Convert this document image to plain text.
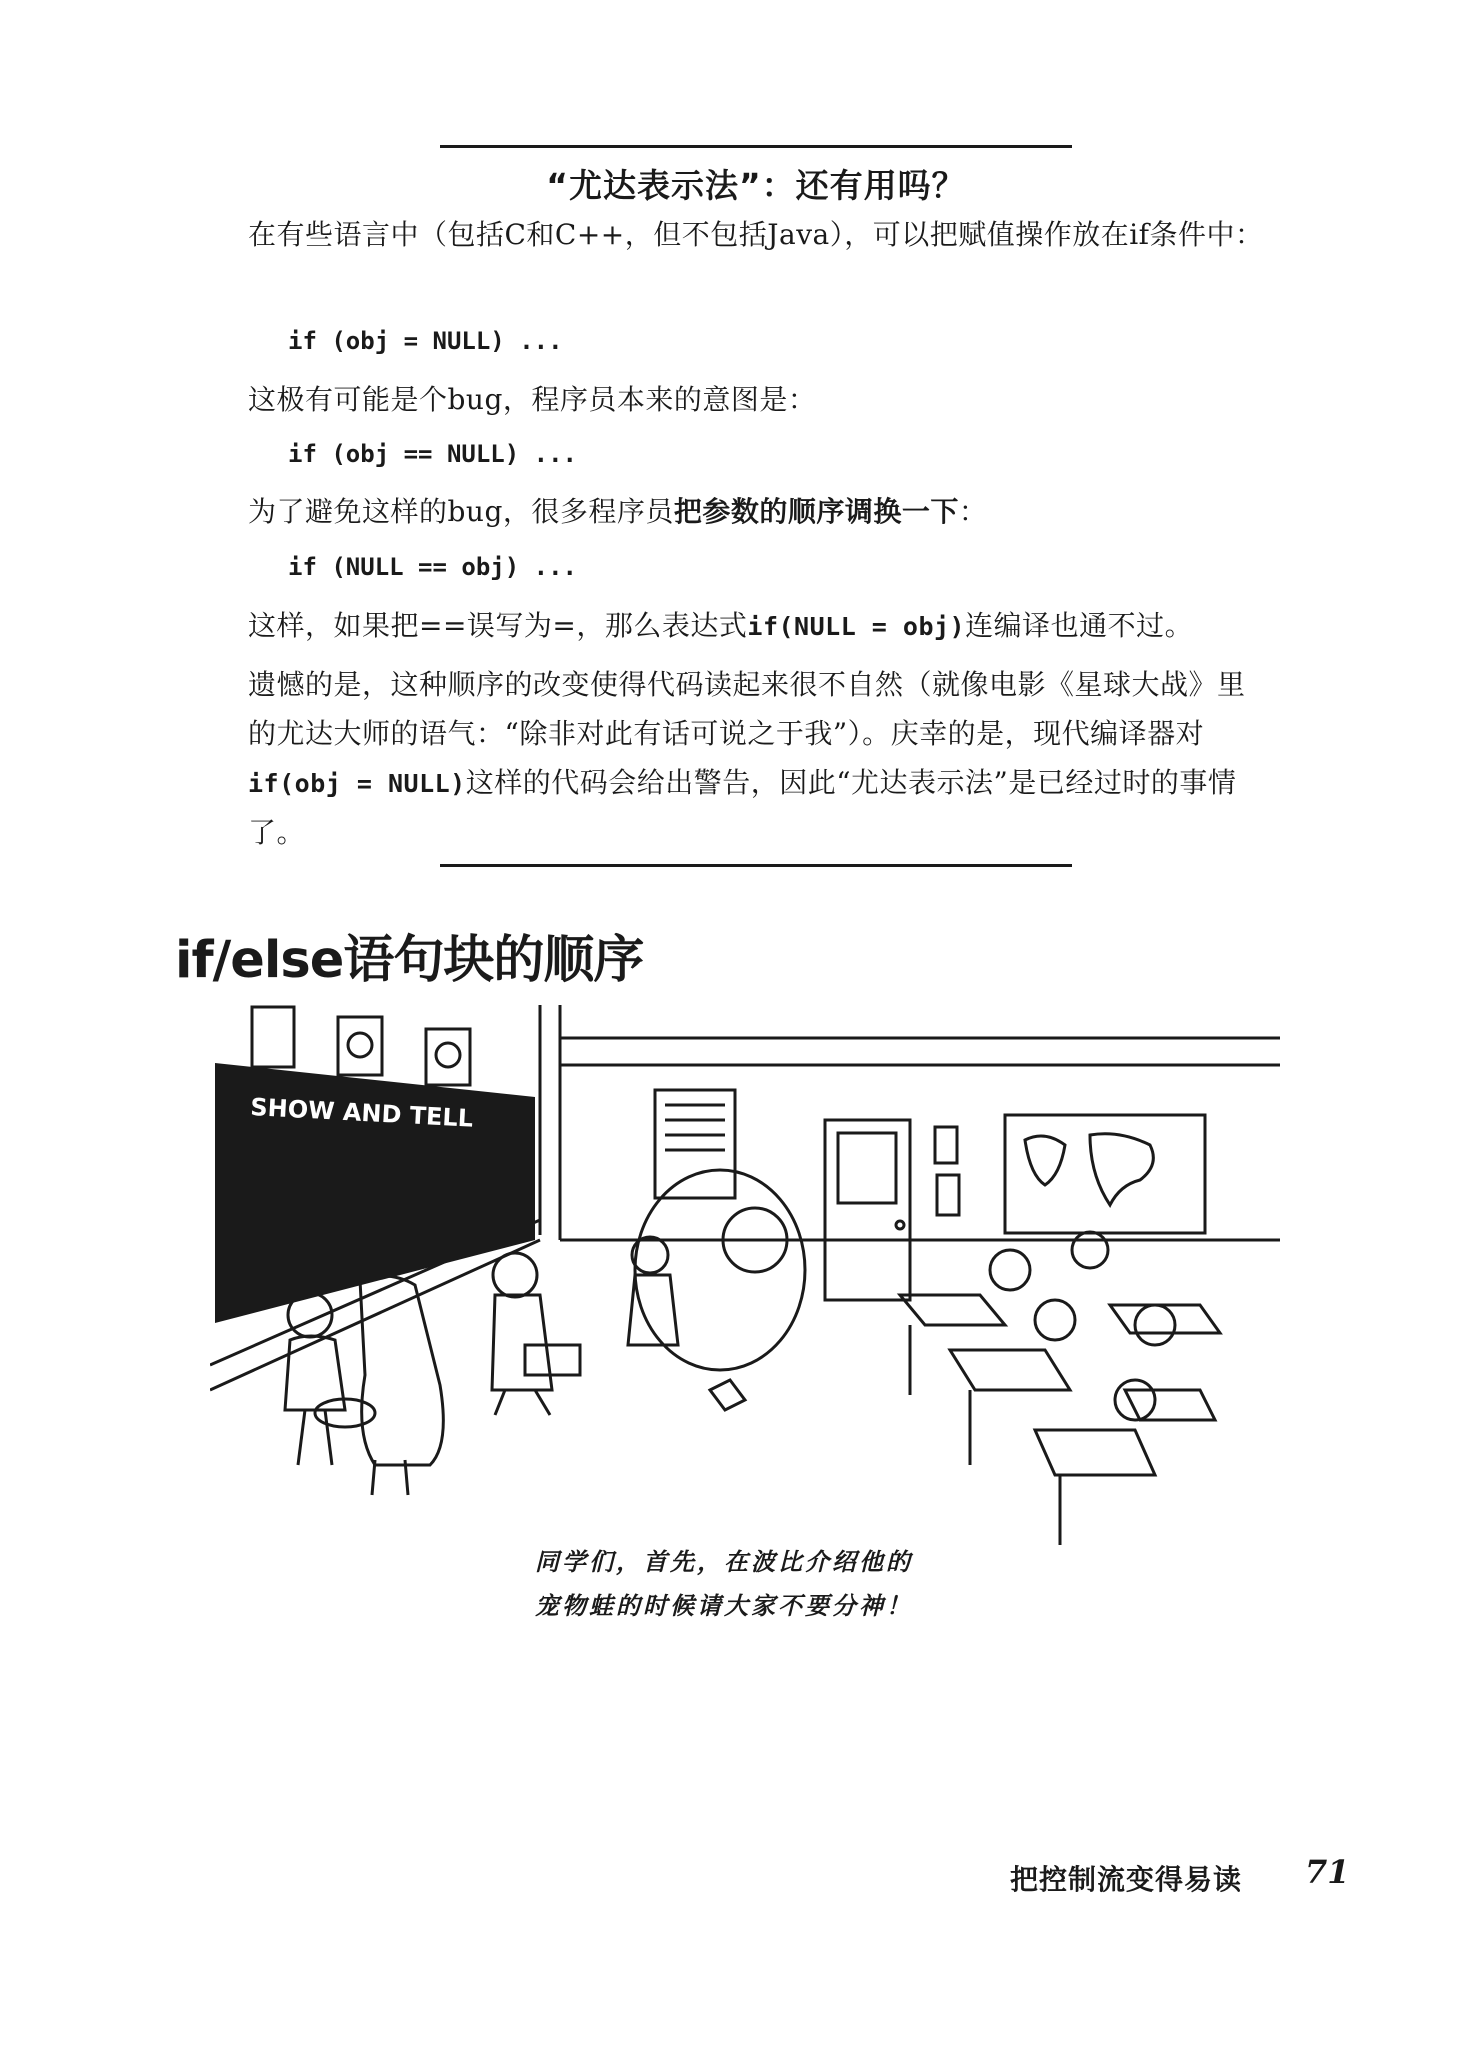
“尤达表示法”：还有用吗？

在有些语言中（包括C和C++，但不包括Java），可以把赋值操作放在if条件中：

if (obj = NULL) ...

这极有可能是个bug，程序员本来的意图是：

if (obj == NULL) ...

为了避免这样的bug，很多程序员把参数的顺序调换一下：

if (NULL == obj) ...

这样，如果把==误写为=，那么表达式if(NULL = obj)连编译也通不过。

遗憾的是，这种顺序的改变使得代码读起来很不自然（就像电影《星球大战》里的尤达大师的语气：“除非对此有话可说之于我”）。庆幸的是，现代编译器对if(obj = NULL)这样的代码会给出警告，因此“尤达表示法”是已经过时的事情了。

if/else语句块的顺序
SHOW AND TELL
同学们，首先，在波比介绍他的
宠物蛙的时候请大家不要分神！
把控制流变得易读 71
